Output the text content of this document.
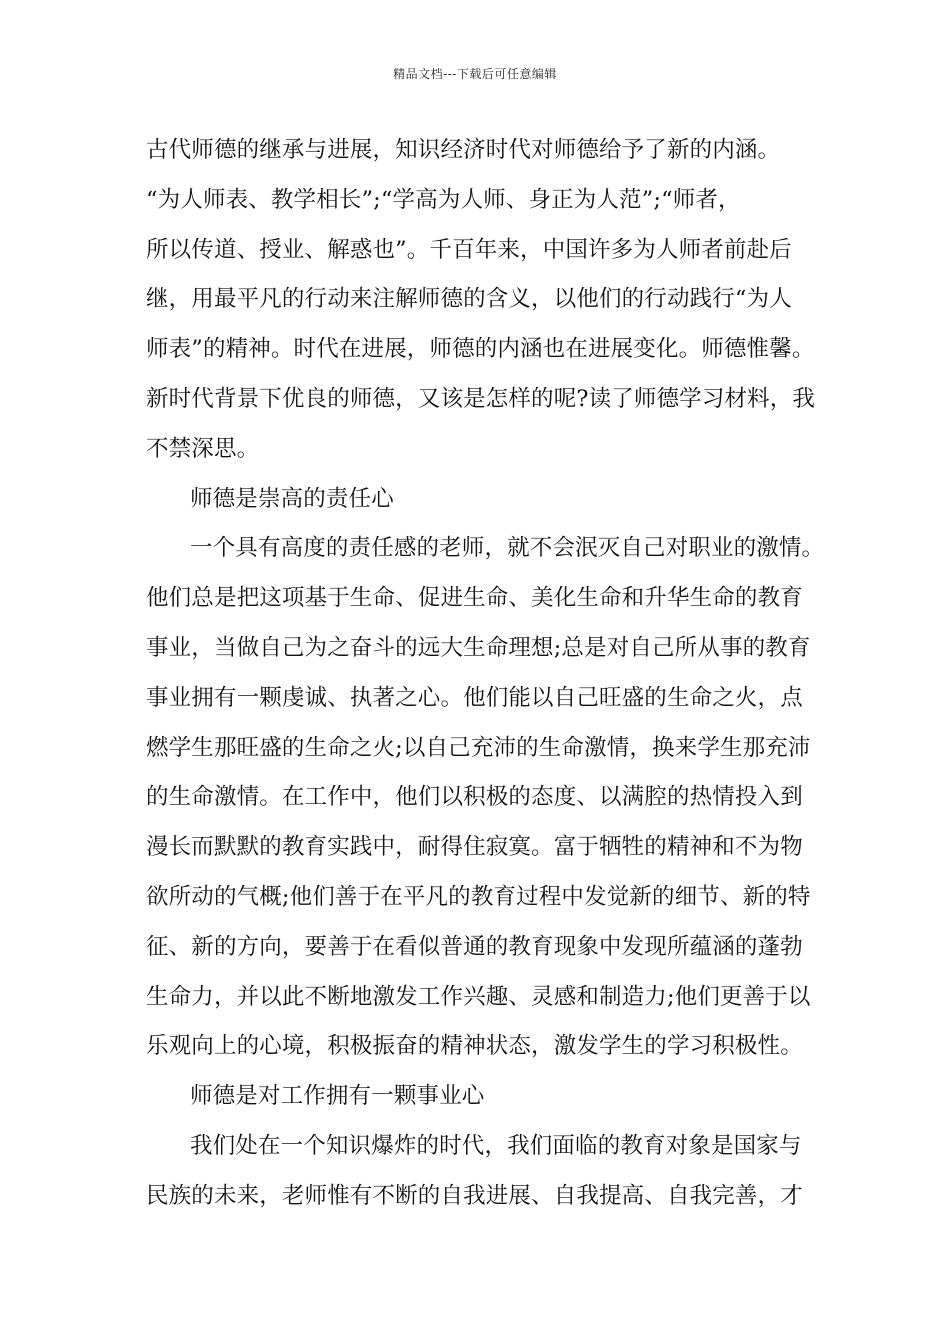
精品文档---下载后可任意编辑
古代师德的继承与进展，知识经济时代对师德给予了新的内涵。
“为人师表、教学相长”;“学高为人师、身正为人范”;“师者，
所以传道、授业、解惑也”。千百年来，中国许多为人师者前赴后
继，用最平凡的行动来注解师德的含义，以他们的行动践行“为人
师表”的精神。时代在进展，师德的内涵也在进展变化。师德惟馨。
新时代背景下优良的师德，又该是怎样的呢?读了师德学习材料，我
不禁深思。
师德是崇高的责任心
一个具有高度的责任感的老师，就不会泯灭自己对职业的激情。
他们总是把这项基于生命、促进生命、美化生命和升华生命的教育
事业，当做自己为之奋斗的远大生命理想;总是对自己所从事的教育
事业拥有一颗虔诚、执著之心。他们能以自己旺盛的生命之火，点
燃学生那旺盛的生命之火;以自己充沛的生命激情，换来学生那充沛
的生命激情。在工作中，他们以积极的态度、以满腔的热情投入到
漫长而默默的教育实践中，耐得住寂寞。富于牺牲的精神和不为物
欲所动的气概;他们善于在平凡的教育过程中发觉新的细节、新的特
征、新的方向，要善于在看似普通的教育现象中发现所蕴涵的蓬勃
生命力，并以此不断地激发工作兴趣、灵感和制造力;他们更善于以
乐观向上的心境，积极振奋的精神状态，激发学生的学习积极性。
师德是对工作拥有一颗事业心
我们处在一个知识爆炸的时代，我们面临的教育对象是国家与
民族的未来，老师惟有不断的自我进展、自我提高、自我完善，才
